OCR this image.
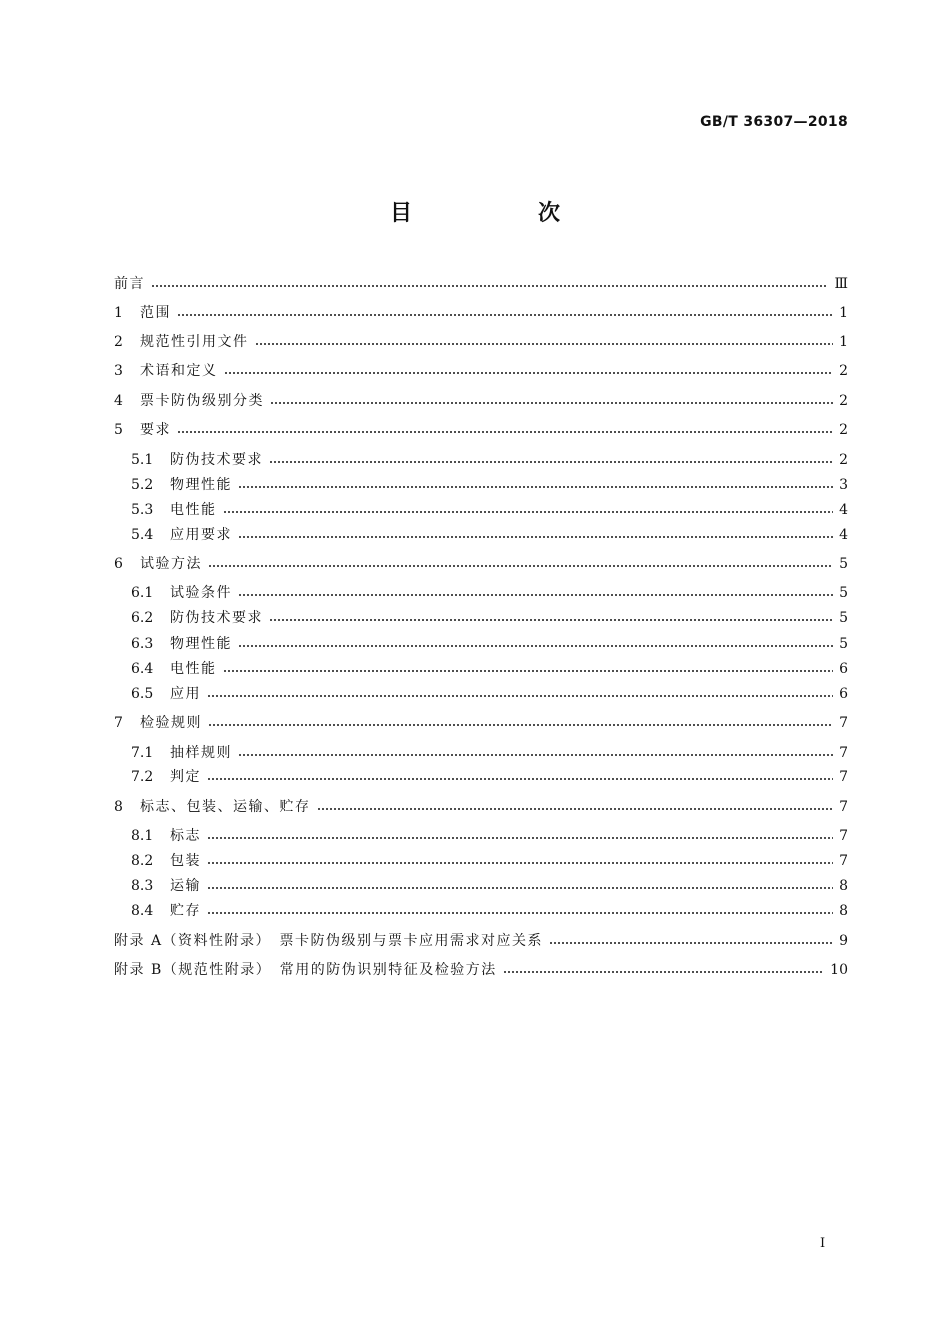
GB/T 36307—2018
目　次
前言	Ⅲ
1	范围	1
2	规范性引用文件	1
3	术语和定义	2
4	票卡防伪级别分类	2
5	要求	2
5.1	防伪技术要求	2
5.2	物理性能	3
5.3	电性能	4
5.4	应用要求	4
6	试验方法	5
6.1	试验条件	5
6.2	防伪技术要求	5
6.3	物理性能	5
6.4	电性能	6
6.5	应用	6
7	检验规则	7
7.1	抽样规则	7
7.2	判定	7
8	标志、包装、运输、贮存	7
8.1	标志	7
8.2	包装	7
8.3	运输	8
8.4	贮存	8
附录 A（资料性附录）　票卡防伪级别与票卡应用需求对应关系	9
附录 B（规范性附录）　常用的防伪识别特征及检验方法	10
Ⅰ
